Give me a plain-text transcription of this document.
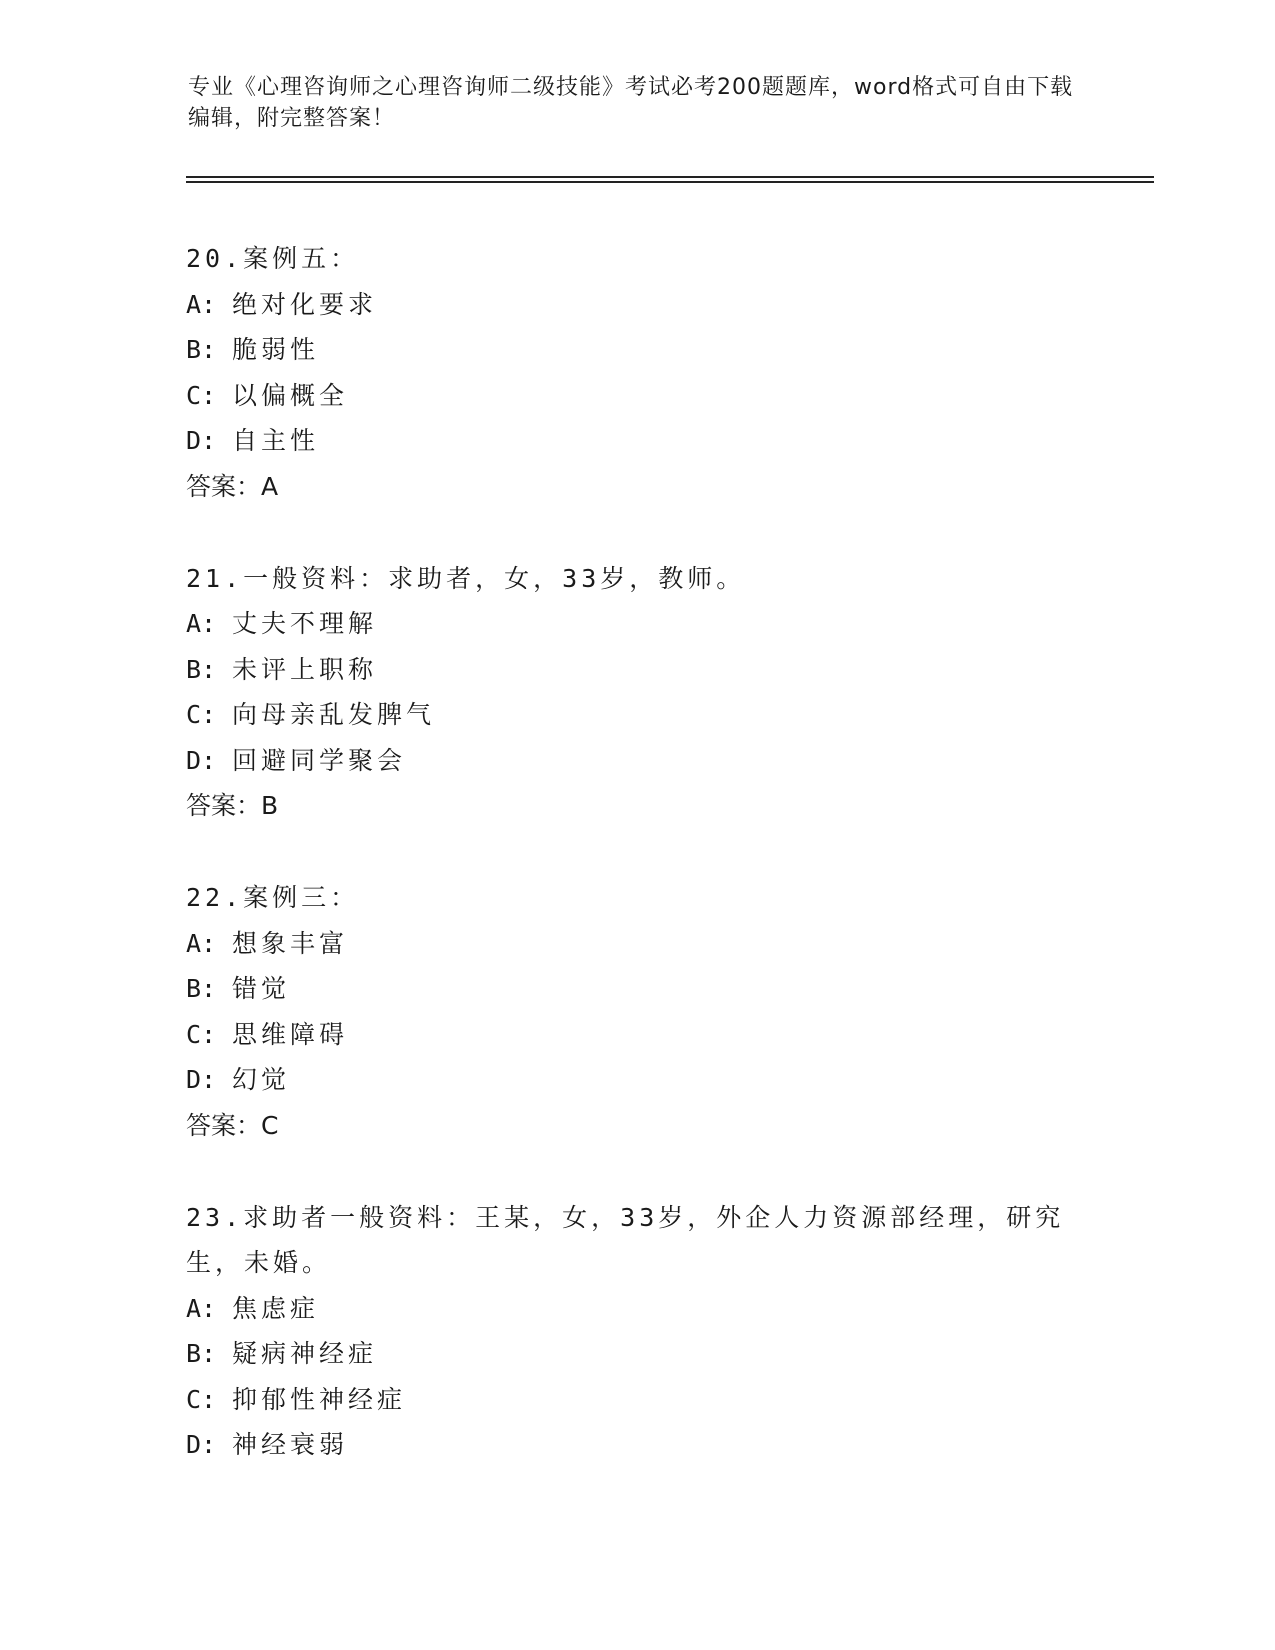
专业《心理咨询师之心理咨询师二级技能》考试必考200题题库，word格式可自由下载编辑，附完整答案！
20.案例五：
A: 绝对化要求
B: 脆弱性
C: 以偏概全
D: 自主性
答案：A
21.一般资料：求助者，女，33岁，教师。
A: 丈夫不理解
B: 未评上职称
C: 向母亲乱发脾气
D: 回避同学聚会
答案：B
22.案例三：
A: 想象丰富
B: 错觉
C: 思维障碍
D: 幻觉
答案：C
23.求助者一般资料：王某，女，33岁，外企人力资源部经理，研究生，未婚。
A: 焦虑症
B: 疑病神经症
C: 抑郁性神经症
D: 神经衰弱
